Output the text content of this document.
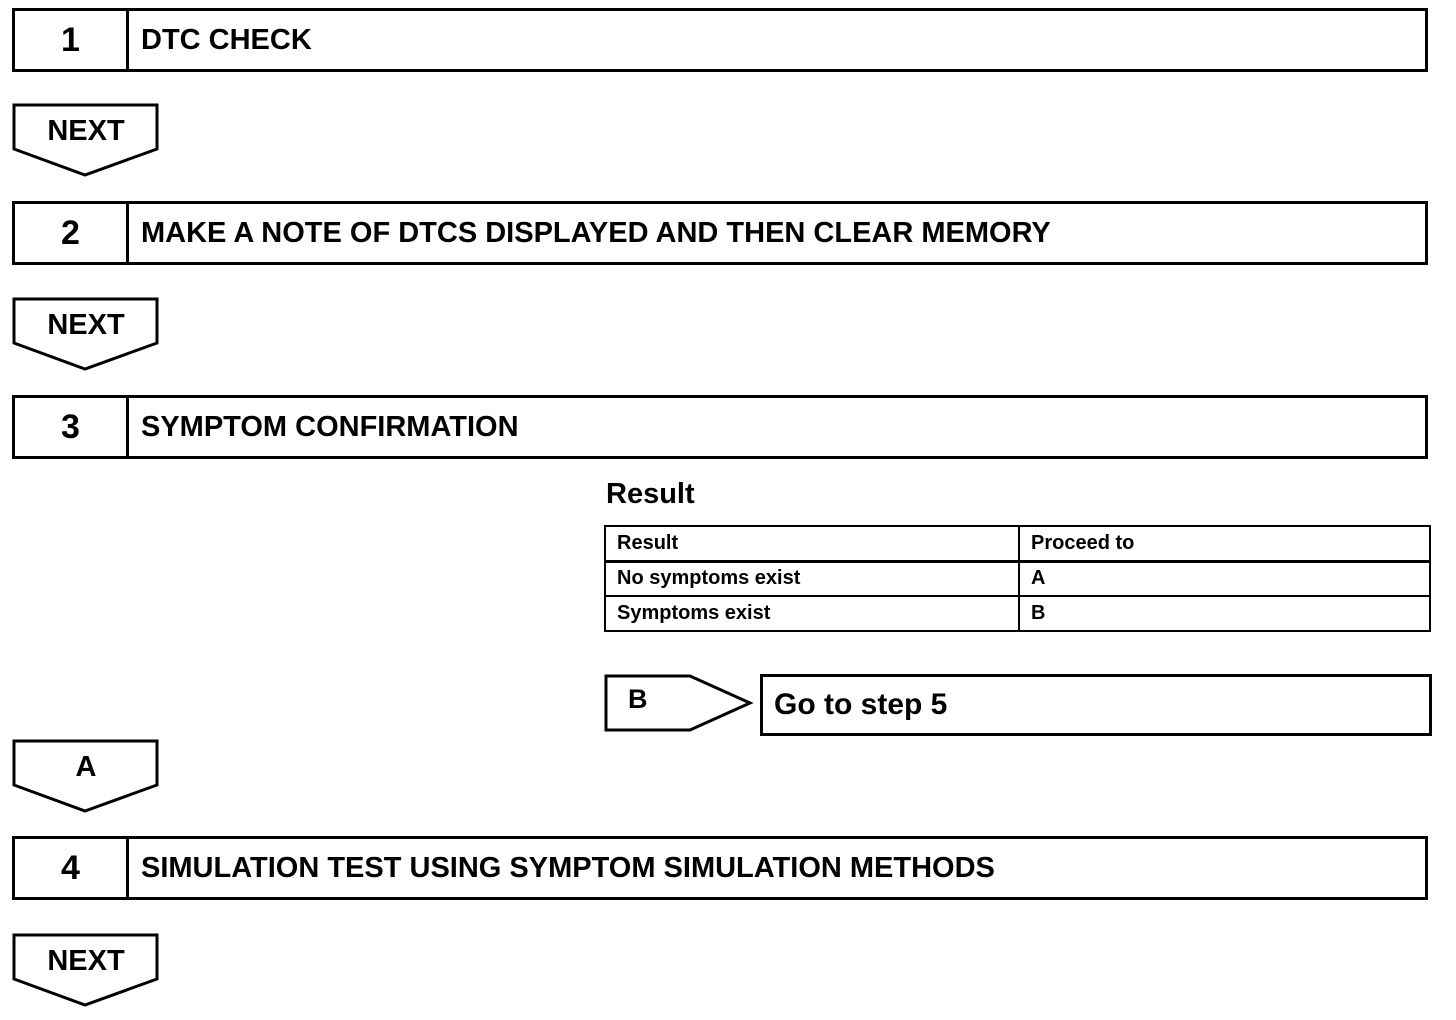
1	DTC CHECK
NEXT
2	MAKE A NOTE OF DTCS DISPLAYED AND THEN CLEAR MEMORY
NEXT
3	SYMPTOM CONFIRMATION
Result
Result	Proceed to
No symptoms exist	A
Symptoms exist	B
B	Go to step 5
A
4	SIMULATION TEST USING SYMPTOM SIMULATION METHODS
NEXT
